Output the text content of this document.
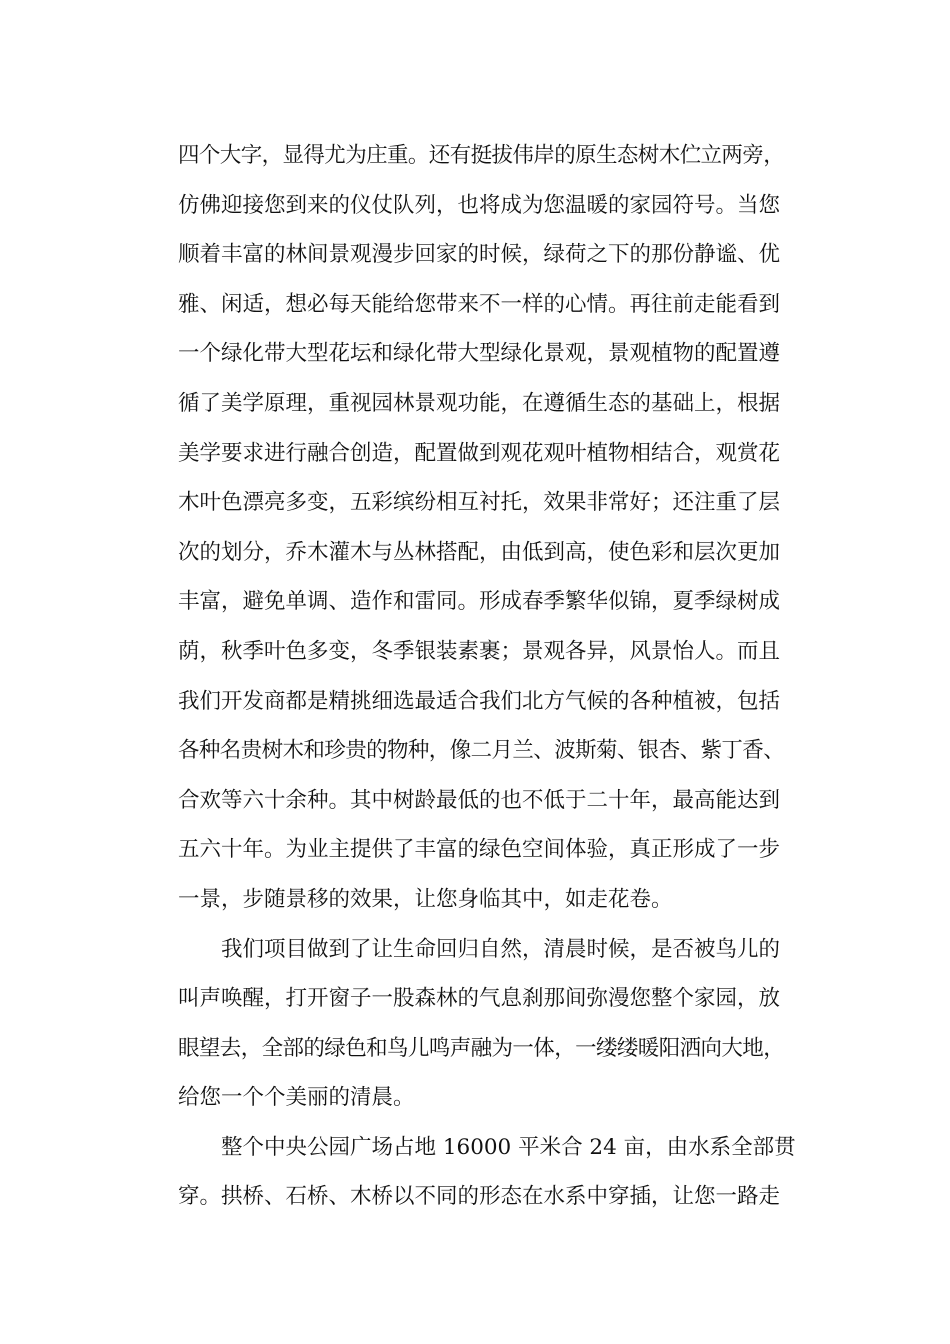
四个大字，显得尤为庄重。还有挺拔伟岸的原生态树木伫立两旁，
仿佛迎接您到来的仪仗队列，也将成为您温暖的家园符号。当您
顺着丰富的林间景观漫步回家的时候，绿荷之下的那份静谧、优
雅、闲适，想必每天能给您带来不一样的心情。再往前走能看到
一个绿化带大型花坛和绿化带大型绿化景观，景观植物的配置遵
循了美学原理，重视园林景观功能，在遵循生态的基础上，根据
美学要求进行融合创造，配置做到观花观叶植物相结合，观赏花
木叶色漂亮多变，五彩缤纷相互衬托，效果非常好；还注重了层
次的划分，乔木灌木与丛林搭配，由低到高，使色彩和层次更加
丰富，避免单调、造作和雷同。形成春季繁华似锦，夏季绿树成
荫，秋季叶色多变，冬季银装素裹；景观各异，风景怡人。而且
我们开发商都是精挑细选最适合我们北方气候的各种植被，包括
各种名贵树木和珍贵的物种，像二月兰、波斯菊、银杏、紫丁香、
合欢等六十余种。其中树龄最低的也不低于二十年，最高能达到
五六十年。为业主提供了丰富的绿色空间体验，真正形成了一步
一景，步随景移的效果，让您身临其中，如走花卷。
我们项目做到了让生命回归自然，清晨时候，是否被鸟儿的
叫声唤醒，打开窗子一股森林的气息刹那间弥漫您整个家园，放
眼望去，全部的绿色和鸟儿鸣声融为一体，一缕缕暖阳洒向大地，
给您一个个美丽的清晨。
整个中央公园广场占地 16000 平米合 24 亩，由水系全部贯
穿。拱桥、石桥、木桥以不同的形态在水系中穿插，让您一路走
